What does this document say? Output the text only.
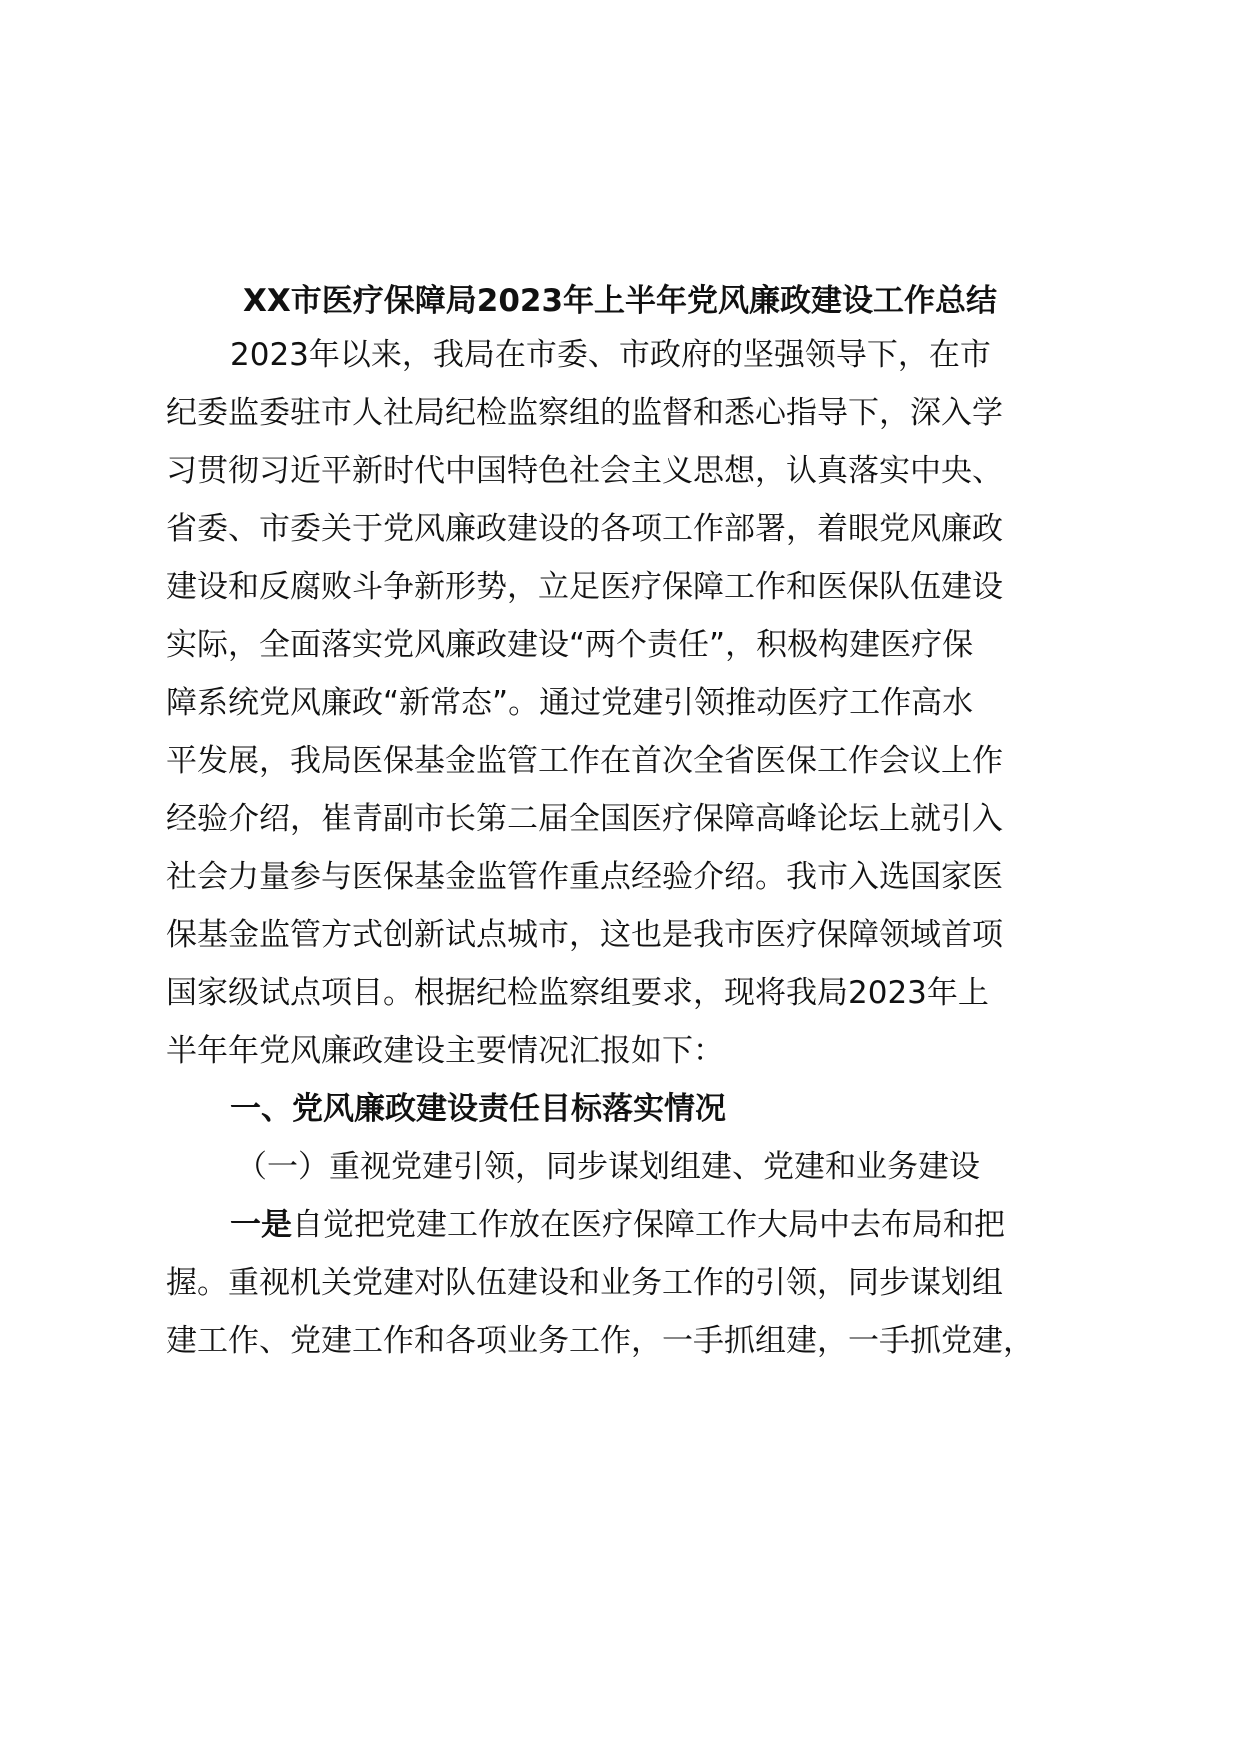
XX市医疗保障局2023年上半年党风廉政建设工作总结

2023年以来，我局在市委、市政府的坚强领导下，在市

纪委监委驻市人社局纪检监察组的监督和悉心指导下，深入学

习贯彻习近平新时代中国特色社会主义思想，认真落实中央、

省委、市委关于党风廉政建设的各项工作部署，着眼党风廉政

建设和反腐败斗争新形势，立足医疗保障工作和医保队伍建设

实际，全面落实党风廉政建设“两个责任”，积极构建医疗保

障系统党风廉政“新常态”。通过党建引领推动医疗工作高水

平发展，我局医保基金监管工作在首次全省医保工作会议上作

经验介绍，崔青副市长第二届全国医疗保障高峰论坛上就引入

社会力量参与医保基金监管作重点经验介绍。我市入选国家医

保基金监管方式创新试点城市，这也是我市医疗保障领域首项

国家级试点项目。根据纪检监察组要求，现将我局2023年上

半年年党风廉政建设主要情况汇报如下：

一、党风廉政建设责任目标落实情况

（一）重视党建引领，同步谋划组建、党建和业务建设

一是自觉把党建工作放在医疗保障工作大局中去布局和把

握。重视机关党建对队伍建设和业务工作的引领，同步谋划组

建工作、党建工作和各项业务工作，一手抓组建，一手抓党建，
